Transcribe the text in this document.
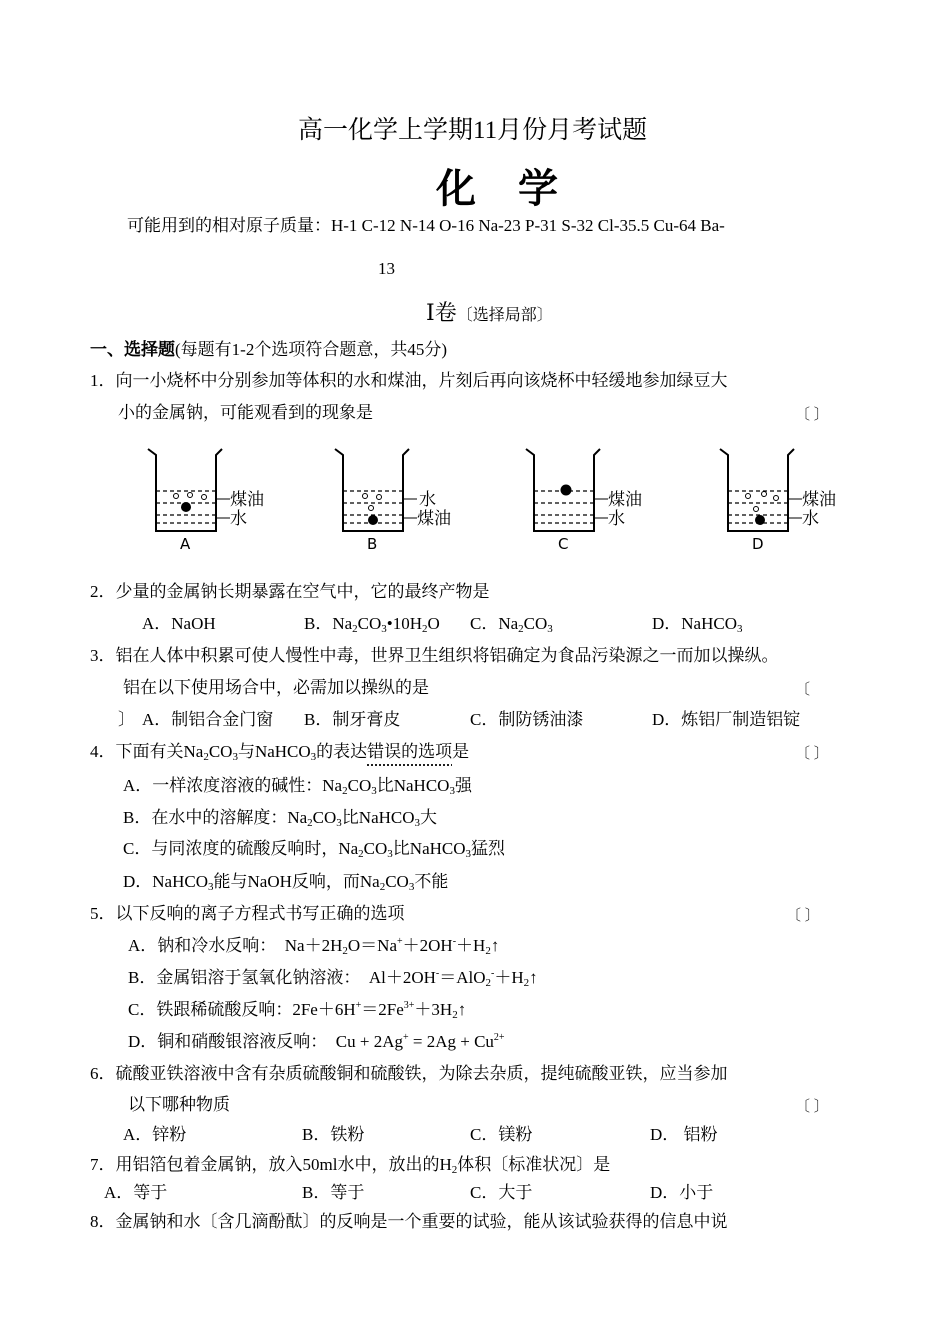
高一化学上学期11月份月考试题
化 学
可能用到的相对原子质量：H-1 C-12 N-14 O-16 Na-23 P-31 S-32 Cl-35.5 Cu-64 Ba-
13
Ⅰ卷〔选择局部〕
一、选择题(每题有1-2个选项符合题意，共45分)
1．向一小烧杯中分别参加等体积的水和煤油，片刻后再向该烧杯中轻缓地参加绿豆大
小的金属钠，可能观看到的现象是	〔 〕
煤油
水
A
水
煤油
B
煤油
水
C
煤油
水
D
2．少量的金属钠长期暴露在空气中，它的最终产物是
A．NaOH	B．$Na_2CO_3•10H_2O$ C．$Na_2CO_3$	D．NaHCO$_3$
3．铝在人体中积累可使人慢性中毒，世界卫生组织将铝确定为食品污染源之一而加以操纵。
铝在以下使用场合中，必需加以操纵的是	〔
〕 A．制铝合金门窗 B．制牙膏皮	C．制防锈油漆	D．炼铝厂制造铝锭
4．下面有关$Na_2CO_3$与NaHCO$_3$的表达错误的选项是	〔 〕
A．一样浓度溶液的碱性：$Na_2CO_3$比NaHCO$_3$强
B．在水中的溶解度：$Na_2CO_3$比NaHCO$_3$大
C．与同浓度的硫酸反响时，$Na_2CO_3$比NaHCO$_3$猛烈
D．NaHCO$_3$能与NaOH反响，而$Na_2CO_3$不能
5．以下反响的离子方程式书写正确的选项	〔 〕
A．钠和冷水反响：  $Na+2H_2O=Na^++2OH^-+H_2↑$
B．金属铝溶于氢氧化钠溶液：  $Al+2OH^-=AlO_2^-+H_2↑$
C．铁跟稀硫酸反响：$2Fe+6H^+=2Fe^{3+}+3H_2↑$
D．铜和硝酸银溶液反响：  $Cu + 2Ag^+ = 2Ag + Cu^{2+}$
6．硫酸亚铁溶液中含有杂质硫酸铜和硫酸铁，为除去杂质，提纯硫酸亚铁，应当参加
以下哪种物质	〔 〕
A．锌粉	B．铁粉	C．镁粉	D． 铝粉
7．用铝箔包着金属钠，放入50ml水中，放出的$H_2$体积〔标准状况〕是
A．等于	B．等于	C．大于	D．小于
8．金属钠和水〔含几滴酚酞〕的反响是一个重要的试验，能从该试验获得的信息中说
